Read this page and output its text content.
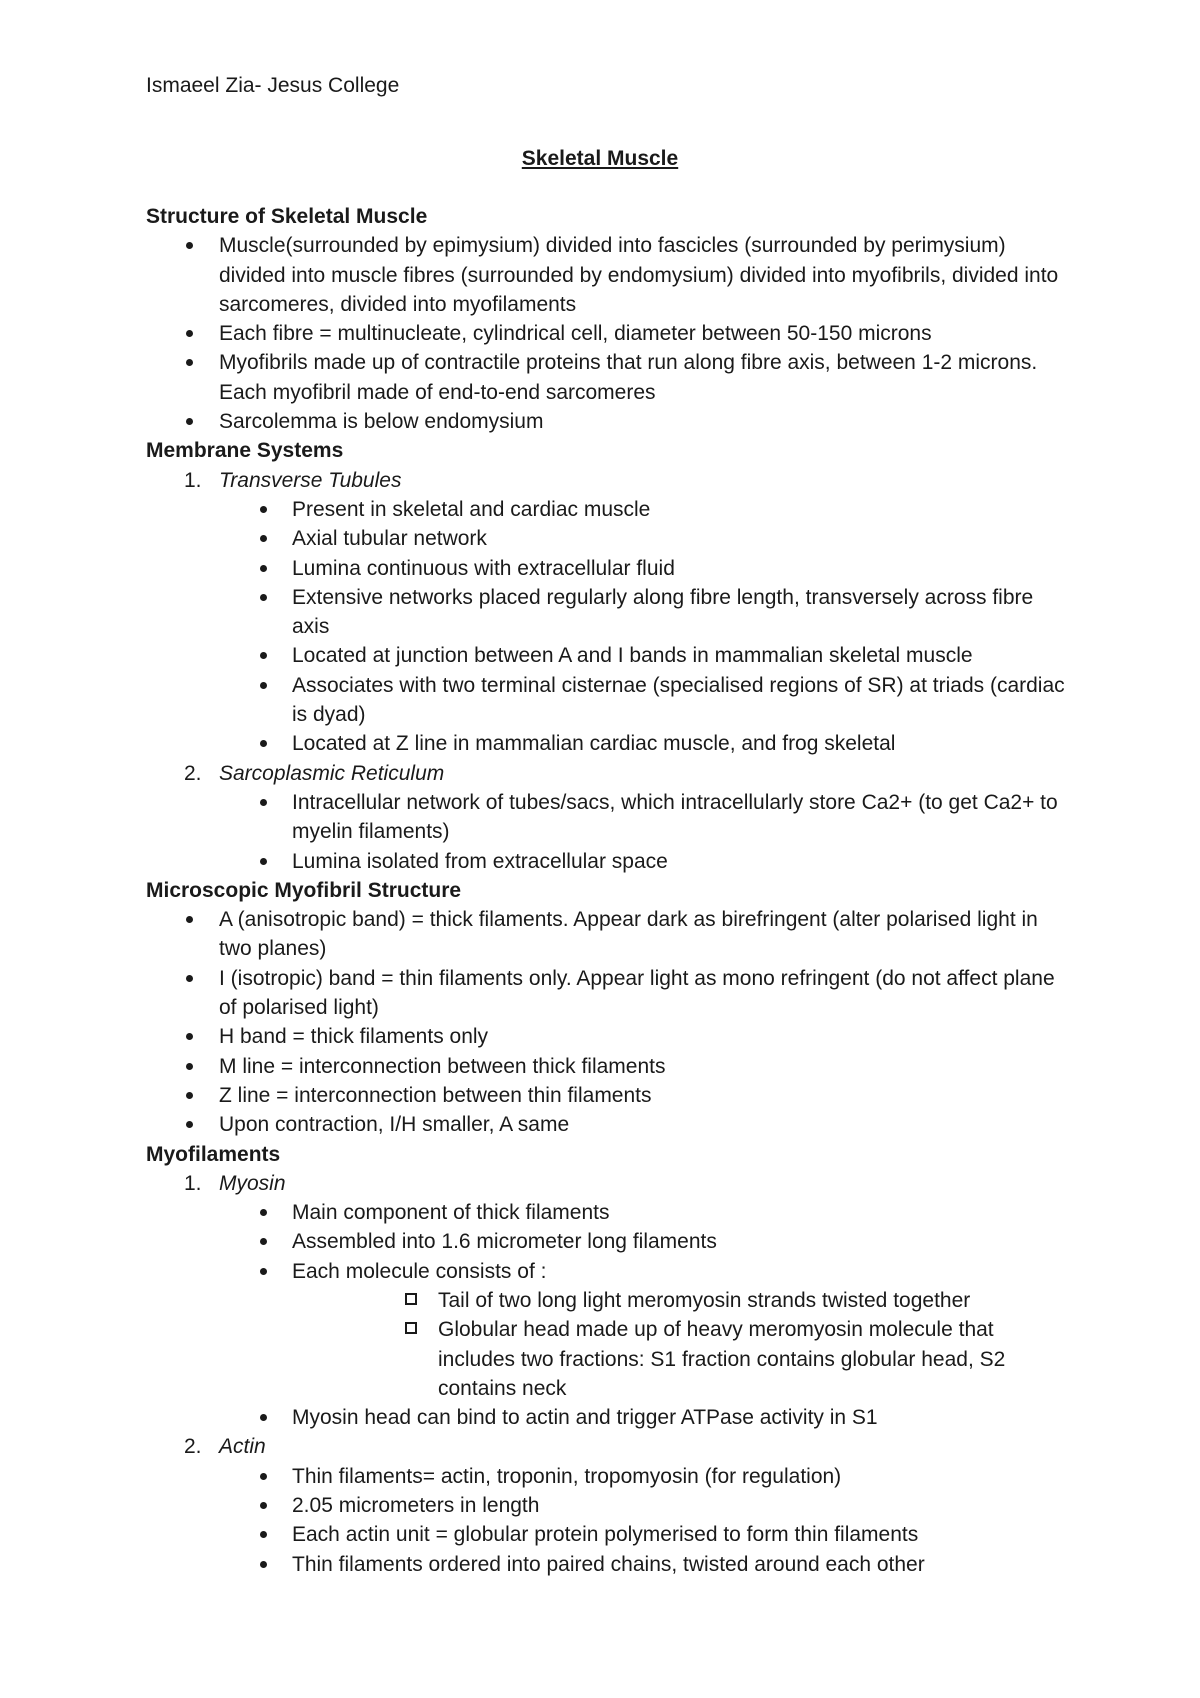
Ismaeel Zia- Jesus College
Skeletal Muscle
Structure of Skeletal Muscle
Muscle(surrounded by epimysium) divided into fascicles (surrounded by perimysium) divided into muscle fibres (surrounded by endomysium) divided into myofibrils, divided into sarcomeres, divided into myofilaments
Each fibre = multinucleate, cylindrical cell, diameter between 50-150 microns
Myofibrils made up of contractile proteins that run along fibre axis, between 1-2 microns. Each myofibril made of end-to-end sarcomeres
Sarcolemma is below endomysium
Membrane Systems
1. Transverse Tubules
Present in skeletal and cardiac muscle
Axial tubular network
Lumina continuous with extracellular fluid
Extensive networks placed regularly along fibre length, transversely across fibre axis
Located at junction between A and I bands in mammalian skeletal muscle
Associates with two terminal cisternae (specialised regions of SR) at triads (cardiac is dyad)
Located at Z line in mammalian cardiac muscle, and frog skeletal
2. Sarcoplasmic Reticulum
Intracellular network of tubes/sacs, which intracellularly store Ca2+ (to get Ca2+ to myelin filaments)
Lumina isolated from extracellular space
Microscopic Myofibril Structure
A (anisotropic band) = thick filaments. Appear dark as birefringent (alter polarised light in two planes)
I (isotropic) band = thin filaments only. Appear light as mono refringent (do not affect plane of polarised light)
H band = thick filaments only
M line = interconnection between thick filaments
Z line = interconnection between thin filaments
Upon contraction, I/H smaller, A same
Myofilaments
1. Myosin
Main component of thick filaments
Assembled into 1.6 micrometer long filaments
Each molecule consists of :
Tail of two long light meromyosin strands twisted together
Globular head made up of heavy meromyosin molecule that includes two fractions: S1 fraction contains globular head, S2 contains neck
Myosin head can bind to actin and trigger ATPase activity in S1
2. Actin
Thin filaments= actin, troponin, tropomyosin (for regulation)
2.05 micrometers in length
Each actin unit = globular protein polymerised to form thin filaments
Thin filaments ordered into paired chains, twisted around each other
